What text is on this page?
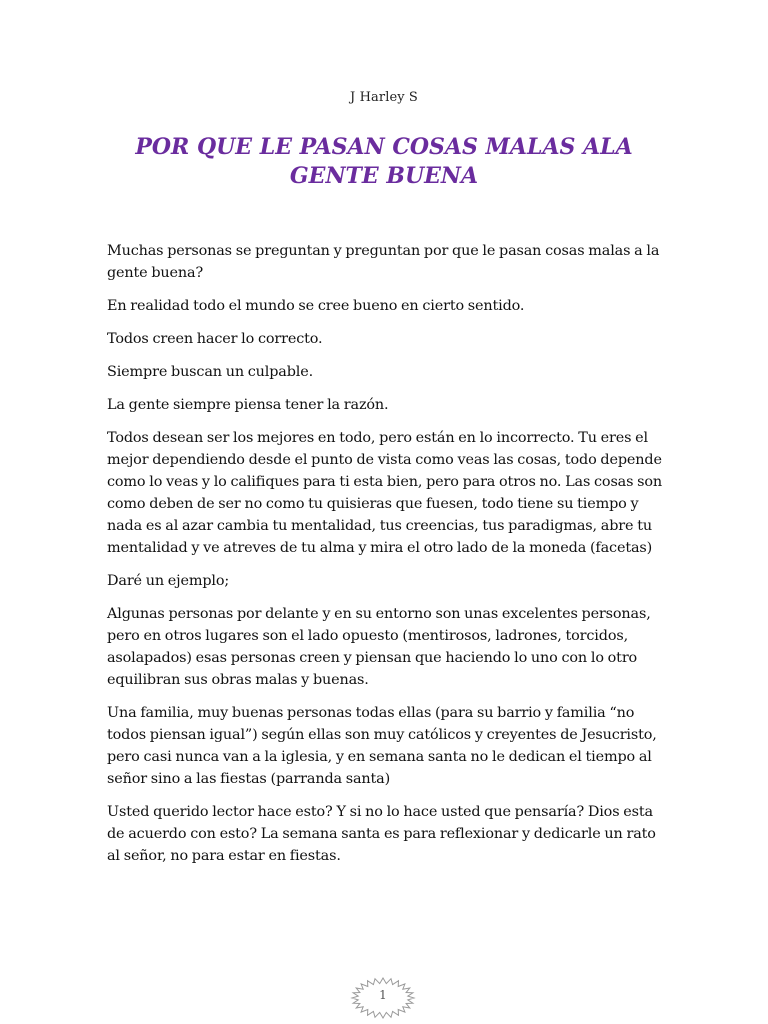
J Harley S
POR QUE LE PASAN COSAS MALAS ALA
GENTE BUENA

Muchas personas se preguntan y preguntan por que le pasan cosas malas a la gente buena?

En realidad todo el mundo se cree bueno en cierto sentido.

Todos creen hacer lo correcto.

Siempre buscan un culpable.

La gente siempre piensa tener la razón.

Todos desean ser los mejores en todo, pero están en lo incorrecto. Tu eres el mejor dependiendo desde el punto de vista como veas las cosas, todo depende como lo veas y lo califiques para ti esta bien, pero para otros no. Las cosas son como deben de ser no como tu quisieras que fuesen, todo tiene su tiempo y nada es al azar cambia tu mentalidad, tus creencias, tus paradigmas, abre tu mentalidad y ve atreves de tu alma y mira el otro lado de la moneda (facetas)

Daré un ejemplo;

Algunas personas por delante y en su entorno son unas excelentes personas, pero en otros lugares son el lado opuesto (mentirosos, ladrones, torcidos, asolapados) esas personas creen y piensan que haciendo lo uno con lo otro equilibran sus obras malas y buenas.

Una familia, muy buenas personas todas ellas (para su barrio y familia “no todos piensan igual”) según ellas son muy católicos y creyentes de Jesucristo, pero casi nunca van a la iglesia, y en semana santa no le dedican el tiempo al señor sino a las fiestas (parranda santa)

Usted querido lector hace esto? Y si no lo hace usted que pensaría? Dios esta de acuerdo con esto? La semana santa es para reflexionar y dedicarle un rato al señor, no para estar en fiestas.

1
